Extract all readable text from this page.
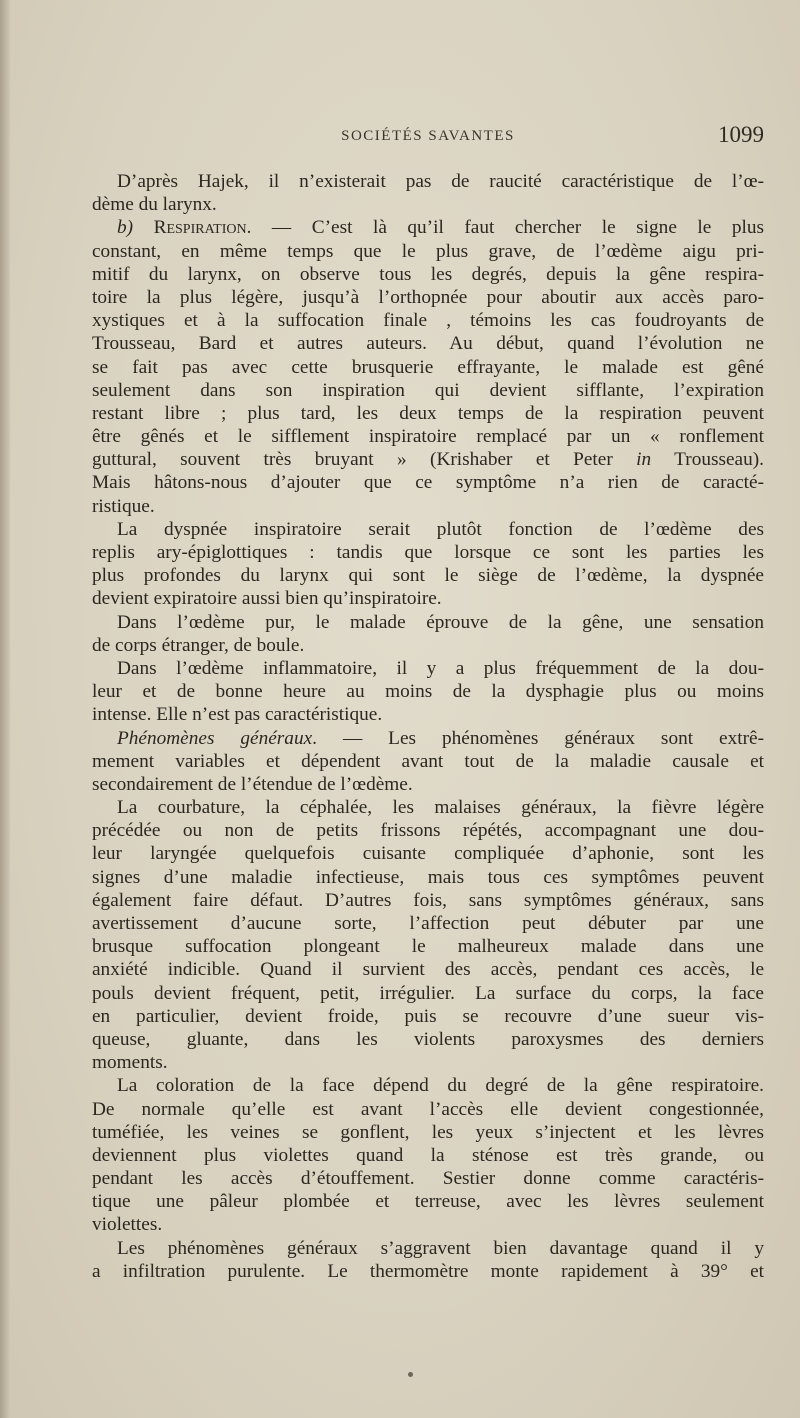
SOCIÉTÉS SAVANTES	1099
D’après Hajek, il n’existerait pas de raucité caractéristique de l’œ-
dème du larynx.
b) Respiration. — C’est là qu’il faut chercher le signe le plus
constant, en même temps que le plus grave, de l’œdème aigu pri-
mitif du larynx, on observe tous les degrés, depuis la gêne respira-
toire la plus légère, jusqu’à l’orthopnée pour aboutir aux accès paro-
xystiques et à la suffocation finale , témoins les cas foudroyants de
Trousseau, Bard et autres auteurs. Au début, quand l’évolution ne
se fait pas avec cette brusquerie effrayante, le malade est gêné
seulement dans son inspiration qui devient sifflante, l’expiration
restant libre ; plus tard, les deux temps de la respiration peuvent
être gênés et le sifflement inspiratoire remplacé par un « ronflement
guttural, souvent très bruyant » (Krishaber et Peter in Trousseau).
Mais hâtons-nous d’ajouter que ce symptôme n’a rien de caracté-
ristique.
La dyspnée inspiratoire serait plutôt fonction de l’œdème des
replis ary-épiglottiques : tandis que lorsque ce sont les parties les
plus profondes du larynx qui sont le siège de l’œdème, la dyspnée
devient expiratoire aussi bien qu’inspiratoire.
Dans l’œdème pur, le malade éprouve de la gêne, une sensation
de corps étranger, de boule.
Dans l’œdème inflammatoire, il y a plus fréquemment de la dou-
leur et de bonne heure au moins de la dysphagie plus ou moins
intense. Elle n’est pas caractéristique.
Phénomènes généraux. — Les phénomènes généraux sont extrê-
mement variables et dépendent avant tout de la maladie causale et
secondairement de l’étendue de l’œdème.
La courbature, la céphalée, les malaises généraux, la fièvre légère
précédée ou non de petits frissons répétés, accompagnant une dou-
leur laryngée quelquefois cuisante compliquée d’aphonie, sont les
signes d’une maladie infectieuse, mais tous ces symptômes peuvent
également faire défaut. D’autres fois, sans symptômes généraux, sans
avertissement d’aucune sorte, l’affection peut débuter par une
brusque suffocation plongeant le malheureux malade dans une
anxiété indicible. Quand il survient des accès, pendant ces accès, le
pouls devient fréquent, petit, irrégulier. La surface du corps, la face
en particulier, devient froide, puis se recouvre d’une sueur vis-
queuse, gluante, dans les violents paroxysmes des derniers
moments.
La coloration de la face dépend du degré de la gêne respiratoire.
De normale qu’elle est avant l’accès elle devient congestionnée,
tuméfiée, les veines se gonflent, les yeux s’injectent et les lèvres
deviennent plus violettes quand la sténose est très grande, ou
pendant les accès d’étouffement. Sestier donne comme caractéris-
tique une pâleur plombée et terreuse, avec les lèvres seulement
violettes.
Les phénomènes généraux s’aggravent bien davantage quand il y
a infiltration purulente. Le thermomètre monte rapidement à 39° et
